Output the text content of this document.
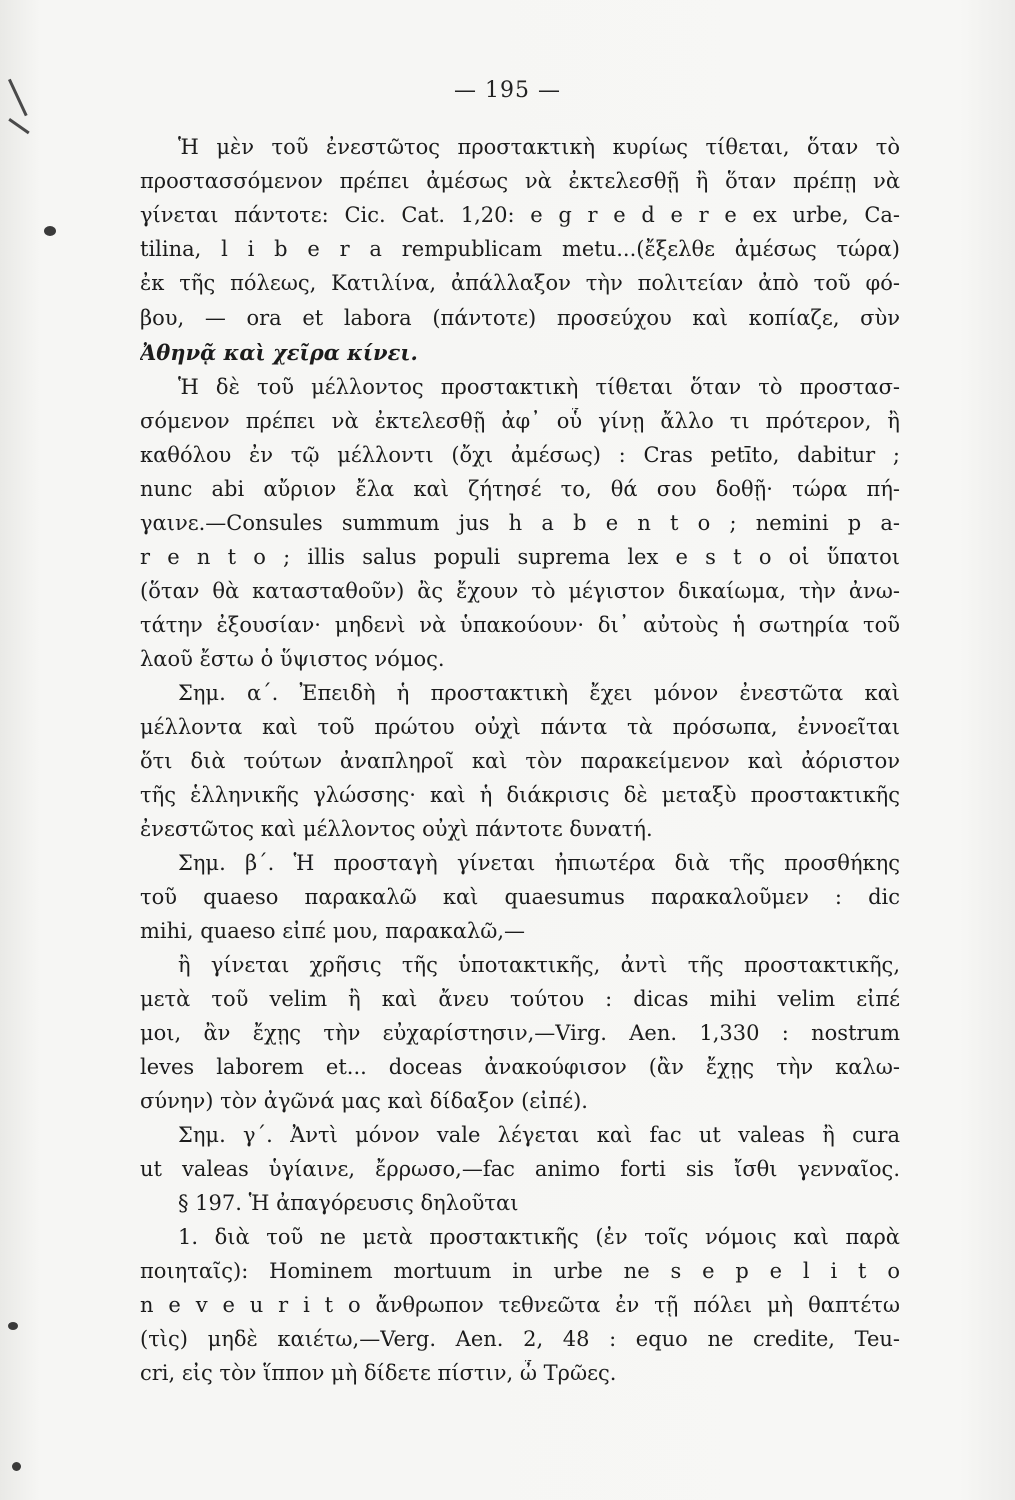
— 195 —
Ἡ μὲν τοῦ ἐνεστῶτος προστακτικὴ κυρίως τίθεται, ὅταν τὸ
προστασσόμενον πρέπει ἀμέσως νὰ ἐκτελεσθῇ ἢ ὅταν πρέπῃ νὰ
γίνεται πάντοτε: Cic. Cat. 1,20: e g r e d e r e ex urbe, Ca-
tilina, l i b e r a rempublicam metu...(ἔξελθε ἀμέσως τώρα)
ἐκ τῆς πόλεως, Κατιλίνα, ἀπάλλαξον τὴν πολιτείαν ἀπὸ τοῦ φό-
βου, — ora et labora (πάντοτε) προσεύχου καὶ κοπίαζε, σὺν
Ἀθηνᾷ καὶ χεῖρα κίνει.
Ἡ δὲ τοῦ μέλλοντος προστακτικὴ τίθεται ὅταν τὸ προστασ-
σόμενον πρέπει νὰ ἐκτελεσθῇ ἀφ᾽ οὗ γίνῃ ἄλλο τι πρότερον, ἢ
καθόλου ἐν τῷ μέλλοντι (ὄχι ἀμέσως) : Cras petīto, dabitur ;
nunc abi αὔριον ἔλα καὶ ζήτησέ το, θά σου δοθῇ· τώρα πή-
γαινε.—Consules summum jus h a b e n t o ; nemini p a-
r e n t o ; illis salus populi suprema lex e s t o οἱ ὕπατοι
(ὅταν θὰ κατασταθοῦν) ἂς ἔχουν τὸ μέγιστον δικαίωμα, τὴν ἀνω-
τάτην ἐξουσίαν· μηδενὶ νὰ ὑπακούουν· δι᾽ αὐτοὺς ἡ σωτηρία τοῦ
λαοῦ ἔστω ὁ ὕψιστος νόμος.
Σημ. α΄. Ἐπειδὴ ἡ προστακτικὴ ἔχει μόνον ἐνεστῶτα καὶ
μέλλοντα καὶ τοῦ πρώτου οὐχὶ πάντα τὰ πρόσωπα, ἐννοεῖται
ὅτι διὰ τούτων ἀναπληροῖ καὶ τὸν παρακείμενον καὶ ἀόριστον
τῆς ἑλληνικῆς γλώσσης· καὶ ἡ διάκρισις δὲ μεταξὺ προστακτικῆς
ἐνεστῶτος καὶ μέλλοντος οὐχὶ πάντοτε δυνατή.
Σημ. β΄. Ἡ προσταγὴ γίνεται ἠπιωτέρα διὰ τῆς προσθήκης
τοῦ quaeso παρακαλῶ καὶ quaesumus παρακαλοῦμεν : dic
mihi, quaeso εἰπέ μου, παρακαλῶ,—
ἢ γίνεται χρῆσις τῆς ὑποτακτικῆς, ἀντὶ τῆς προστακτικῆς,
μετὰ τοῦ velim ἢ καὶ ἄνευ τούτου : dicas mihi velim εἰπέ
μοι, ἂν ἔχῃς τὴν εὐχαρίστησιν,—Virg. Aen. 1,330 : nostrum
leves laborem et... doceas ἀνακούφισον (ἂν ἔχῃς τὴν καλω-
σύνην) τὸν ἀγῶνά μας καὶ δίδαξον (εἰπέ).
Σημ. γ΄. Ἀντὶ μόνον vale λέγεται καὶ fac ut valeas ἢ cura
ut valeas ὑγίαινε, ἔρρωσο,—fac animo forti sis ἴσθι γενναῖος.
§ 197. Ἡ ἀπαγόρευσις δηλοῦται
1. διὰ τοῦ ne μετὰ προστακτικῆς (ἐν τοῖς νόμοις καὶ παρὰ
ποιηταῖς): Hominem mortuum in urbe ne s e p e l i t o
n e v e u r i t o ἄνθρωπον τεθνεῶτα ἐν τῇ πόλει μὴ θαπτέτω
(τὶς) μηδὲ καιέτω,—Verg. Aen. 2, 48 : equo ne credite, Teu-
cri, εἰς τὸν ἵππον μὴ δίδετε πίστιν, ὦ Τρῶες.
